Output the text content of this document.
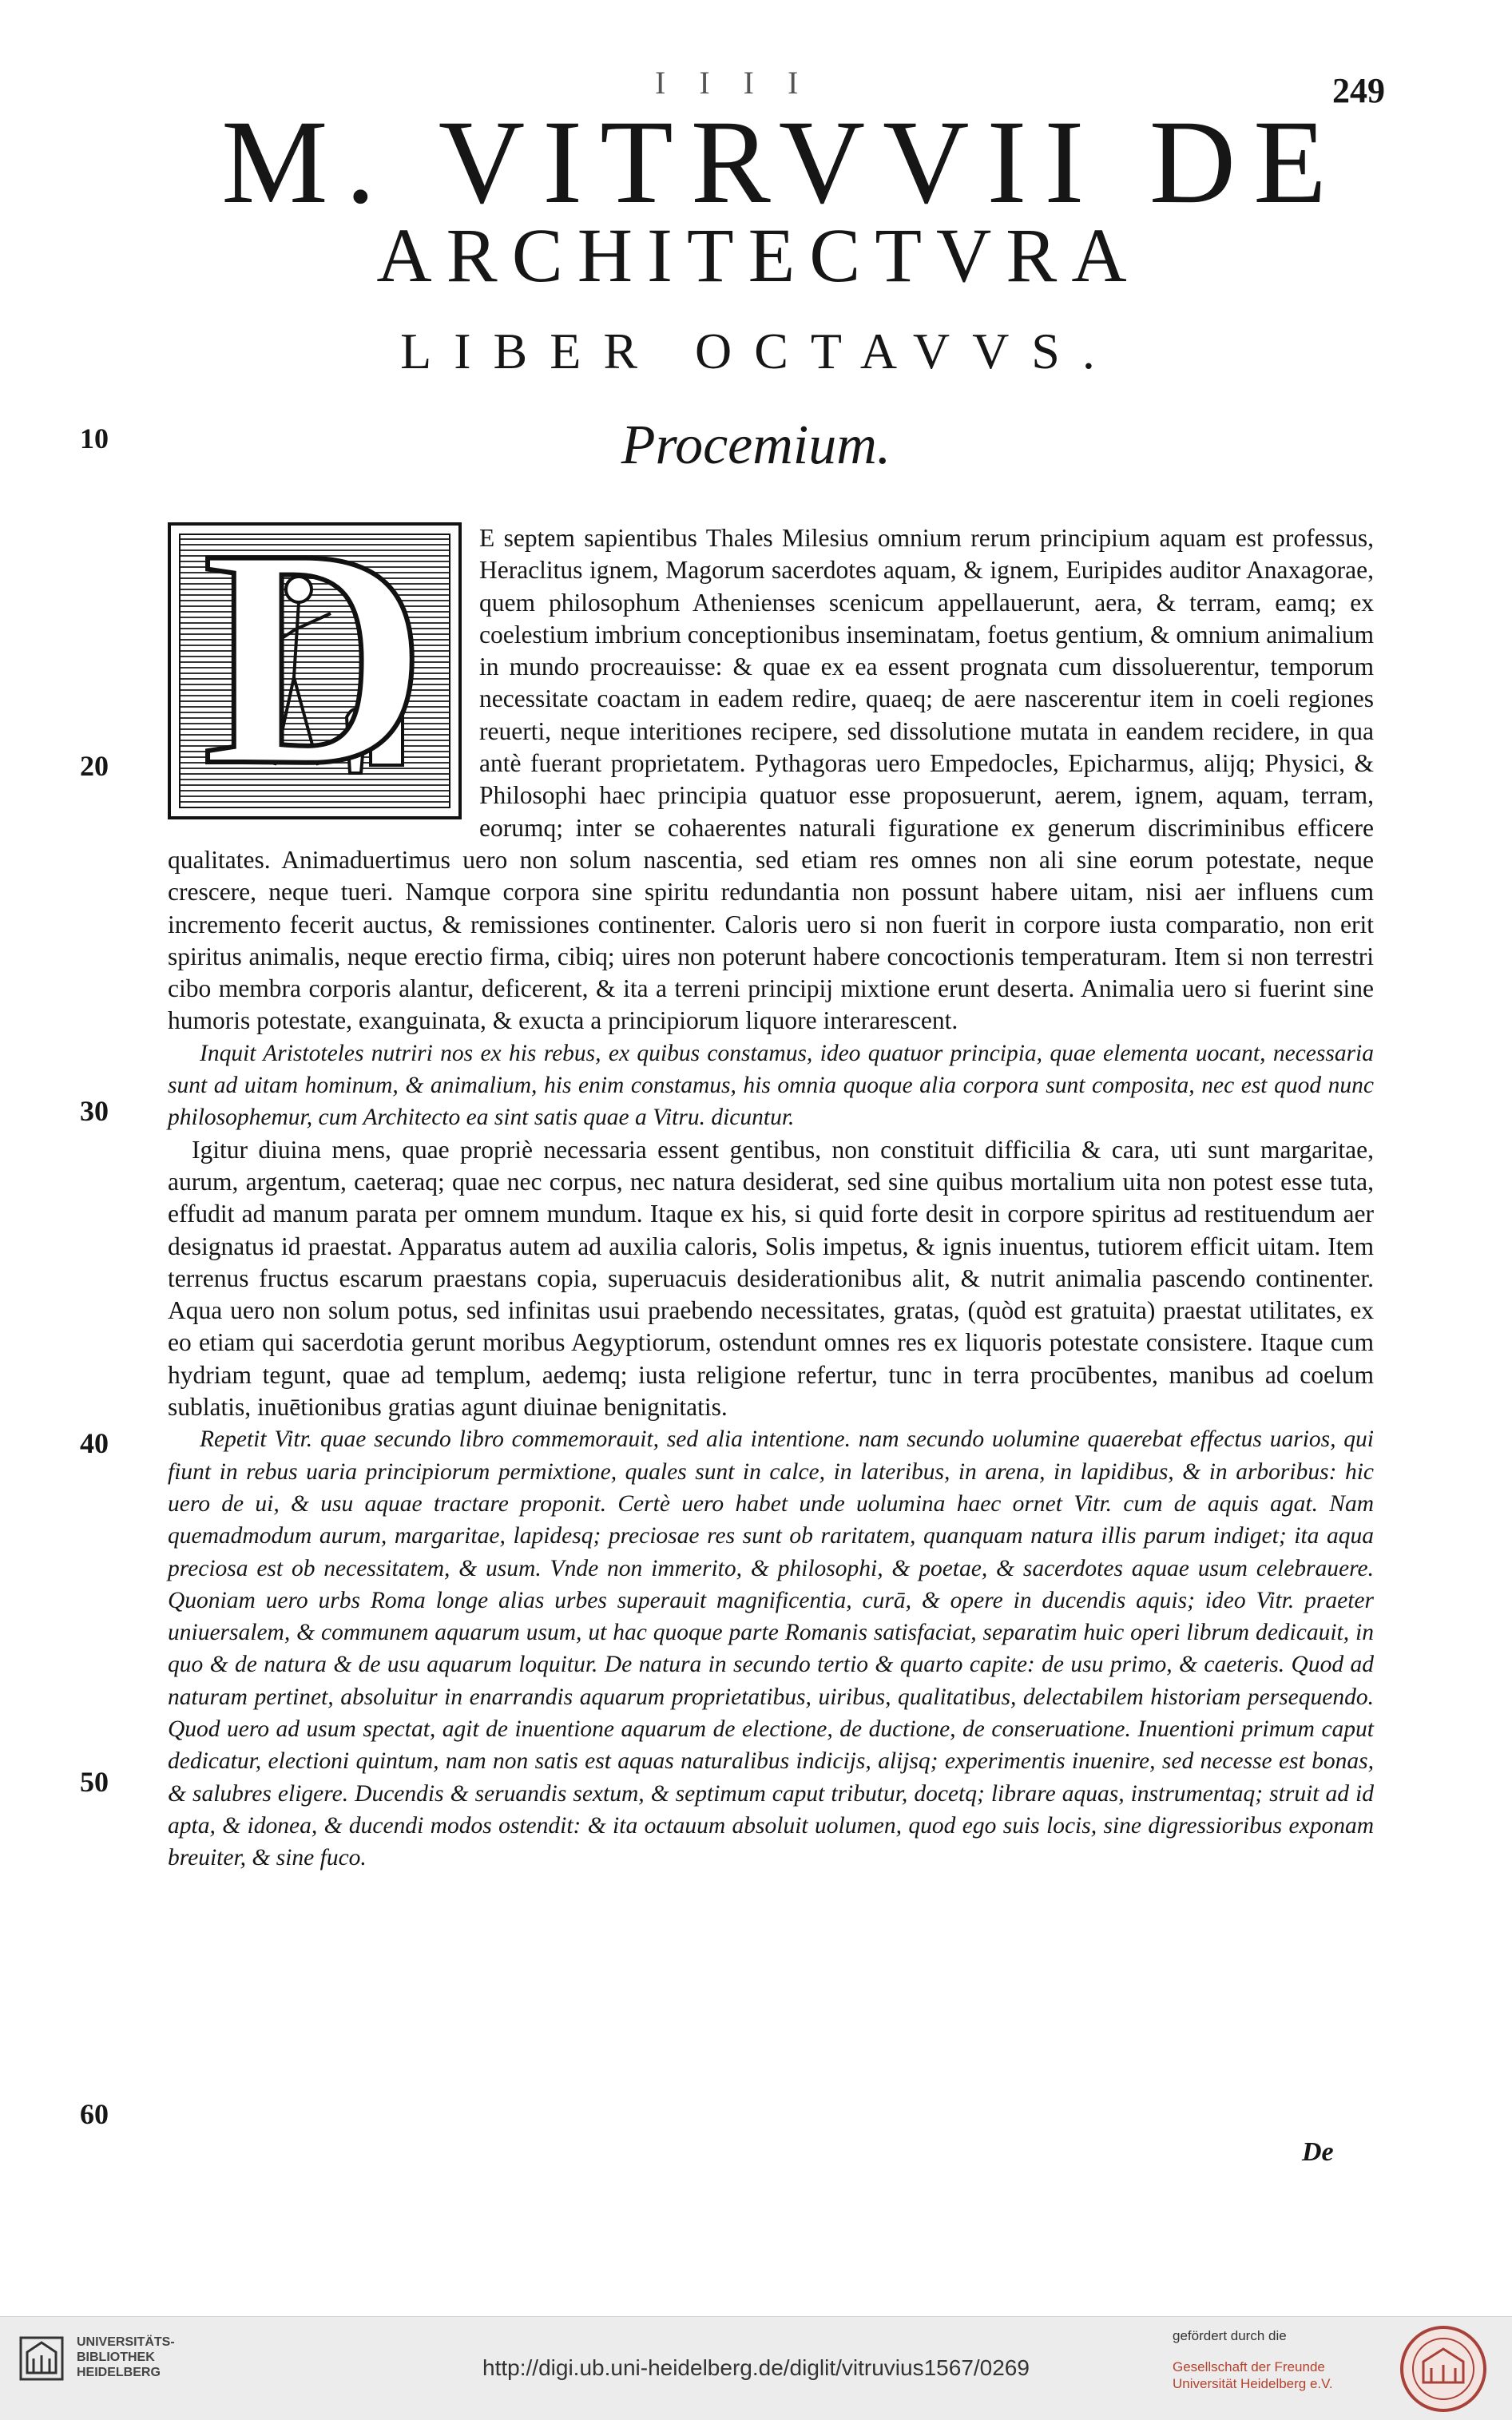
249
I I I I
M. VITRVVII DE
ARCHITECTVRA
LIBER OCTAVVS.
Procemium.
10
20
30
40
50
60
D	E septem sapientibus Thales Milesius omnium rerum principium aquam est professus, Heraclitus ignem, Magorum sacerdotes aquam, & ignem, Euripides auditor Anaxagorae, quem philosophum Athenienses scenicum appellauerunt, aera, & terram, eamq; ex coelestium imbrium conceptionibus inseminatam, foetus gentium, & omnium animalium in mundo procreauisse: & quae ex ea essent prognata cum dissoluerentur, temporum necessitate coactam in eadem redire, quaeq; de aere nascerentur item in coeli regiones reuerti, neque interitiones recipere, sed dissolutione mutata in eandem recidere, in qua antè fuerant proprietatem. Pythagoras uero Empedocles, Epicharmus, alijq; Physici, & Philosophi haec principia quatuor esse proposuerunt, aerem, ignem, aquam, terram, eorumq; inter se cohaerentes naturali figuratione ex generum discriminibus efficere qualitates. Animaduertimus uero non solum nascentia, sed etiam res omnes non ali sine eorum potestate, neque crescere, neque tueri. Namque corpora sine spiritu redundantia non possunt habere uitam, nisi aer influens cum incremento fecerit auctus, & remissiones continenter. Caloris uero si non fuerit in corpore iusta comparatio, non erit spiritus animalis, neque erectio firma, cibiq; uires non poterunt habere concoctionis temperaturam. Item si non terrestri cibo membra corporis alantur, deficerent, & ita a terreni principij mixtione erunt deserta. Animalia uero si fuerint sine humoris potestate, exanguinata, & exucta a principiorum liquore interarescent.

Inquit Aristoteles nutriri nos ex his rebus, ex quibus constamus, ideo quatuor principia, quae elementa uocant, necessaria sunt ad uitam hominum, & animalium, his enim constamus, his omnia quoque alia corpora sunt composita, nec est quod nunc philosophemur, cum Architecto ea sint satis quae a Vitru. dicuntur.

Igitur diuina mens, quae propriè necessaria essent gentibus, non constituit difficilia & cara, uti sunt margaritae, aurum, argentum, caeteraq; quae nec corpus, nec natura desiderat, sed sine quibus mortalium uita non potest esse tuta, effudit ad manum parata per omnem mundum. Itaque ex his, si quid forte desit in corpore spiritus ad restituendum aer designatus id praestat. Apparatus autem ad auxilia caloris, Solis impetus, & ignis inuentus, tutiorem efficit uitam. Item terrenus fructus escarum praestans copia, superuacuis desiderationibus alit, & nutrit animalia pascendo continenter. Aqua uero non solum potus, sed infinitas usui praebendo necessitates, gratas, (quòd est gratuita) praestat utilitates, ex eo etiam qui sacerdotia gerunt moribus Aegyptiorum, ostendunt omnes res ex liquoris potestate consistere. Itaque cum hydriam tegunt, quae ad templum, aedemq; iusta religione refertur, tunc in terra procūbentes, manibus ad coelum sublatis, inuētionibus gratias agunt diuinae benignitatis.

Repetit Vitr. quae secundo libro commemorauit, sed alia intentione. nam secundo uolumine quaerebat effectus uarios, qui fiunt in rebus uaria principiorum permixtione, quales sunt in calce, in lateribus, in arena, in lapidibus, & in arboribus: hic uero de ui, & usu aquae tractare proponit. Certè uero habet unde uolumina haec ornet Vitr. cum de aquis agat. Nam quemadmodum aurum, margaritae, lapidesq; preciosae res sunt ob raritatem, quanquam natura illis parum indiget; ita aqua preciosa est ob necessitatem, & usum. Vnde non immerito, & philosophi, & poetae, & sacerdotes aquae usum celebrauere. Quoniam uero urbs Roma longe alias urbes superauit magnificentia, curā, & opere in ducendis aquis; ideo Vitr. praeter uniuersalem, & communem aquarum usum, ut hac quoque parte Romanis satisfaciat, separatim huic operi librum dedicauit, in quo & de natura & de usu aquarum loquitur. De natura in secundo tertio & quarto capite: de usu primo, & caeteris. Quod ad naturam pertinet, absoluitur in enarrandis aquarum proprietatibus, uiribus, qualitatibus, delectabilem historiam persequendo. Quod uero ad usum spectat, agit de inuentione aquarum de electione, de ductione, de conseruatione. Inuentioni primum caput dedicatur, electioni quintum, nam non satis est aquas naturalibus indicijs, alijsq; experimentis inuenire, sed necesse est bonas, & salubres eligere. Ducendis & seruandis sextum, & septimum caput tributur, docetq; librare aquas, instrumentaq; struit ad id apta, & idonea, & ducendi modos ostendit: & ita octauum absoluit uolumen, quod ego suis locis, sine digressioribus exponam breuiter, & sine fuco.

De
UNIVERSITÄTS-
BIBLIOTHEK
HEIDELBERG	http://digi.ub.uni-heidelberg.de/diglit/vitruvius1567/0269
gefördert durch die
Gesellschaft der Freunde
Universität Heidelberg e.V.
